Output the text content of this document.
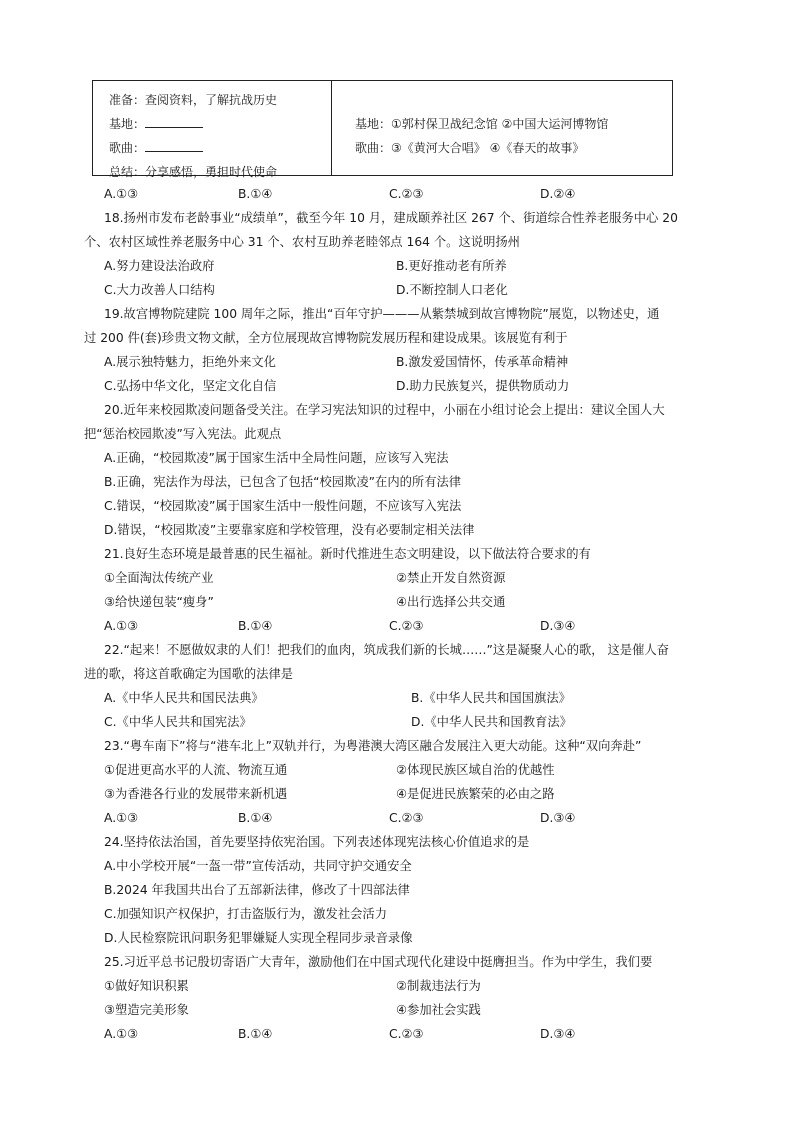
准备：查阅资料，了解抗战历史
基地：
歌曲：
总结：分享感悟，勇担时代使命
基地：①郭村保卫战纪念馆 ②中国大运河博物馆
歌曲：③《黄河大合唱》 ④《春天的故事》
A.①③	B.①④	C.②③	D.②④
18.扬州市发布老龄事业“成绩单”，截至今年 10 月，建成颐养社区 267 个、街道综合性养老服务中心 20
个、农村区域性养老服务中心 31 个、农村互助养老睦邻点 164 个。这说明扬州
A.努力建设法治政府	B.更好推动老有所养
C.大力改善人口结构	D.不断控制人口老化
19.故宫博物院建院 100 周年之际，推出“百年守护———从紫禁城到故宫博物院”展览，以物述史，通
过 200 件(套)珍贵文物文献，全方位展现故宫博物院发展历程和建设成果。该展览有利于
A.展示独特魅力，拒绝外来文化	B.激发爱国情怀，传承革命精神
C.弘扬中华文化，坚定文化自信	D.助力民族复兴，提供物质动力
20.近年来校园欺凌问题备受关注。在学习宪法知识的过程中，小丽在小组讨论会上提出：建议全国人大
把“惩治校园欺凌”写入宪法。此观点
A.正确，“校园欺凌”属于国家生活中全局性问题，应该写入宪法
B.正确，宪法作为母法，已包含了包括“校园欺凌”在内的所有法律
C.错误，“校园欺凌”属于国家生活中一般性问题，不应该写入宪法
D.错误，“校园欺凌”主要靠家庭和学校管理，没有必要制定相关法律
21.良好生态环境是最普惠的民生福祉。新时代推进生态文明建设，以下做法符合要求的有
①全面淘汰传统产业	②禁止开发自然资源
③给快递包装“瘦身”	④出行选择公共交通
A.①③	B.①④	C.②③	D.③④
22.“起来！不愿做奴隶的人们！把我们的血肉，筑成我们新的长城……”这是凝聚人心的歌， 这是催人奋
进的歌，将这首歌确定为国歌的法律是
A.《中华人民共和国民法典》	B.《中华人民共和国国旗法》
C.《中华人民共和国宪法》	D.《中华人民共和国教育法》
23.“粤车南下”将与“港车北上”双轨并行，为粤港澳大湾区融合发展注入更大动能。这种“双向奔赴”
①促进更高水平的人流、物流互通	②体现民族区域自治的优越性
③为香港各行业的发展带来新机遇	④是促进民族繁荣的必由之路
A.①③	B.①④	C.②③	D.③④
24.坚持依法治国，首先要坚持依宪治国。下列表述体现宪法核心价值追求的是
A.中小学校开展“一盔一带”宣传活动，共同守护交通安全
B.2024 年我国共出台了五部新法律，修改了十四部法律
C.加强知识产权保护，打击盗版行为，激发社会活力
D.人民检察院讯问职务犯罪嫌疑人实现全程同步录音录像
25.习近平总书记殷切寄语广大青年，激励他们在中国式现代化建设中挺膺担当。作为中学生，我们要
①做好知识积累	②制裁违法行为
③塑造完美形象	④参加社会实践
A.①③	B.①④	C.②③	D.③④
